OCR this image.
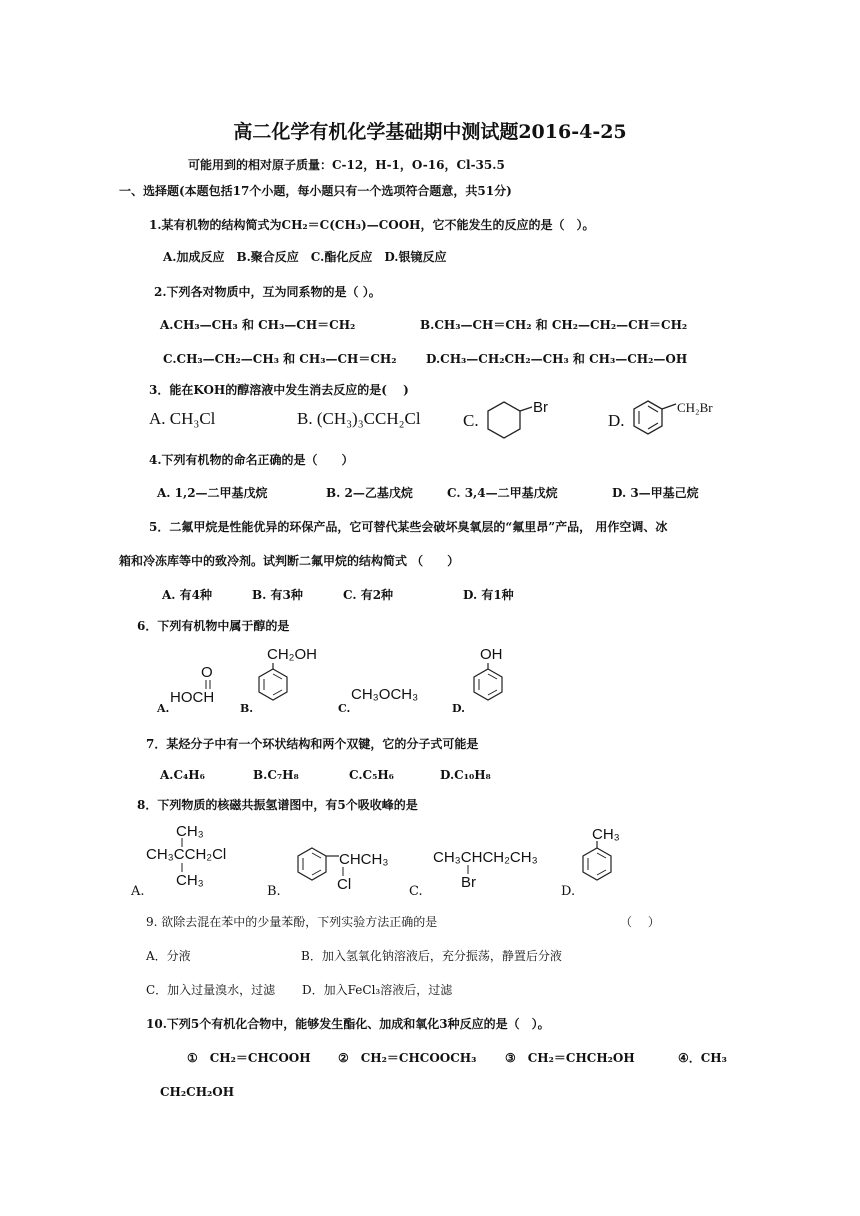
高二化学有机化学基础期中测试题2016-4-25
可能用到的相对原子质量：C-12，H-1，O-16，Cl-35.5
一、选择题(本题包括17个小题，每小题只有一个选项符合题意，共51分)
1.某有机物的结构简式为CH₂＝C(CH₃)—COOH，它不能发生的反应的是（　）。
A.加成反应　B.聚合反应　C.酯化反应　D.银镜反应
2.下列各对物质中，互为同系物的是（ ）。
A.CH₃—CH₃ 和 CH₃—CH＝CH₂	B.CH₃—CH＝CH₂ 和 CH₂—CH₂—CH＝CH₂
C.CH₃—CH₂—CH₃ 和 CH₃—CH＝CH₂ D.CH₃—CH₂CH₂—CH₃ 和 CH₃—CH₂—OH
3．能在KOH的醇溶液中发生消去反应的是(　 )
A. CH₃Cl	B. (CH₃)₃CCH₂Cl C.
Br
D.
CH₂Br
4.下列有机物的命名正确的是（　　）
A. 1,2—二甲基戊烷	B. 2—乙基戊烷	C. 3,4—二甲基戊烷	D. 3—甲基己烷
5．二氟甲烷是性能优异的环保产品，它可替代某些会破坏臭氧层的“氟里昂”产品， 用作空调、冰
箱和冷冻库等中的致冷剂。试判断二氟甲烷的结构简式 （　　）
A. 有4种	B. 有3种	C. 有2种	D. 有1种
6．下列有机物中属于醇的是
A.
O
HOCH
B.
CH₂OH
C.
CH₃OCH₃
D.
OH
7．某烃分子中有一个环状结构和两个双键，它的分子式可能是
A.C₄H₆	B.C₇H₈	C.C₅H₆	D.C₁₀H₈
8．下列物质的核磁共振氢谱图中，有5个吸收峰的是
A.
CH₃
CH₃CCH₂Cl
CH₃
B.
CHCH₃
Cl	C.
CH₃CHCH₂CH₃
Br
D.
CH₃
9. 欲除去混在苯中的少量苯酚，下列实验方法正确的是	（　 ）
A．分液	B．加入氢氧化钠溶液后，充分振荡，静置后分液
C．加入过量溴水，过滤 D．加入FeCl₃溶液后，过滤
10.下列5个有机化合物中，能够发生酯化、加成和氧化3种反应的是（　）。
①　CH₂＝CHCOOH ②　CH₂＝CHCOOCH₃ ③　CH₂＝CHCH₂OH	④．CH₃
CH₂CH₂OH
